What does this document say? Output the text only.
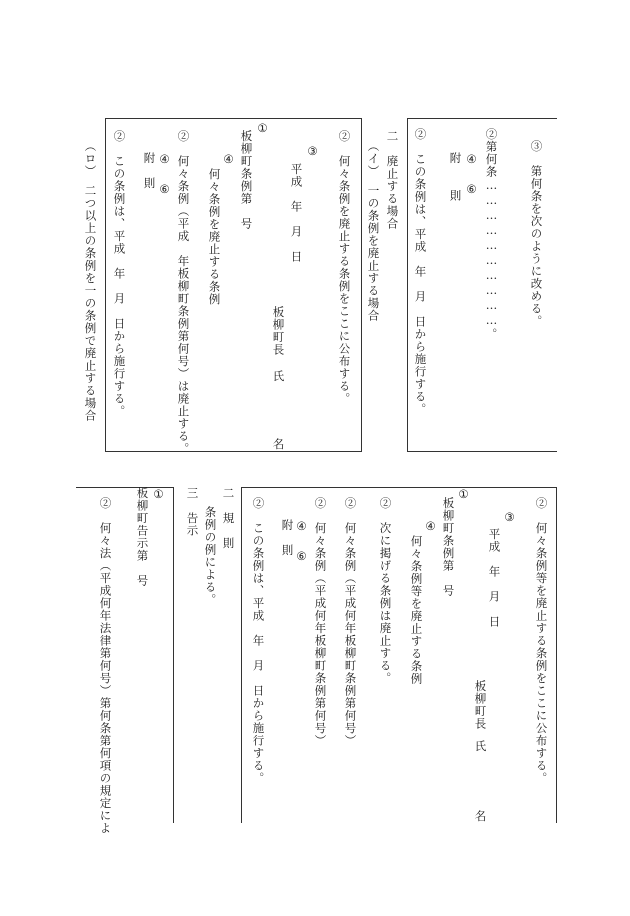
③　第何条を次のように改める。
②第何条…………………………。
④ ⑥
附　　則
②　この条例は、平成　年　月　日から施行する。
二　廃止する場合
（イ）　一の条例を廃止する場合
②　何々条例を廃止する条例をここに公布する。
③
平成　年　月　日
板柳町長
氏
名
①
板柳町条例第　号
④
何々条例を廃止する条例
②　何々条例（平成　年板柳町条例第何号）は廃止する。
④ ⑥
附　則
②　この条例は、平成　年　月　日から施行する。
（ロ）　二つ以上の条例を一の条例で廃止する場合
②　何々条例等を廃止する条例をここに公布する。
③
平成　年　月　日
板柳町長
氏
名
①
板柳町条例第　号
④
何々条例等を廃止する条例
②　次に掲げる条例は廃止する。
②　何々条例（平成何年板柳町条例第何号）
②　何々条例（平成何年板柳町条例第何号）
④ ⑥
附　則
②　この条例は、平成　年　月　日から施行する。
二　規　則
条例の例による。
三　告示
①
板柳町告示第　号
②　何々法（平成何年法律第何号）第何条第何項の規定によ
